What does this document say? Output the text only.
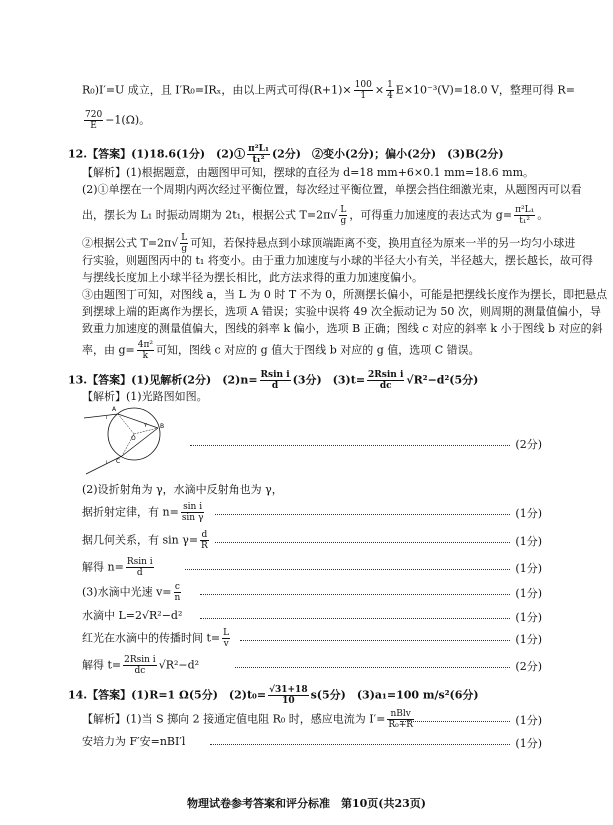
R₀)I′=U 成立，且 I′R₀=IRₓ，由以上两式可得$(R+1)\times \frac{100}{1} \times \frac{1}{4} E\times 10^{-3}(V)=18.0$ V，整理可得 R=
$\frac{720}{E} -1(\Omega)$。
12.【答案】(1)18.6(1分)　(2)① $\frac{\text{π²L₁}}{\text{t₁²}} (2$分)　②变小(2分)；偏小(2分)　(3)B(2分)
【解析】(1)根据题意，由题图甲可知，摆球的直径为 d=18 mm+6×0.1 mm=18.6 mm。
(2)①单摆在一个周期内两次经过平衡位置，每次经过平衡位置，单摆会挡住细激光束，从题图丙可以看
出，摆长为 L₁ 时振动周期为 2t₁，根据公式 $T=2\pi√ \frac{L}{g}$ ，可得重力加速度的表达式为 $g= \frac{\text{π²L₁}}{\text{t₁²}}$ 。
②根据公式 $T=2\pi√ \frac{L}{g}$ 可知，若保持悬点到小球顶端距离不变，换用直径为原来一半的另一均匀小球进
行实验，则题图丙中的 t₁ 将变小。由于重力加速度与小球的半径大小有关，半径越大，摆长越长，故可得
与摆线长度加上小球半径为摆长相比，此方法求得的重力加速度偏小。
③由题图丁可知，对图线 a，当 L 为 0 时 T 不为 0，所测摆长偏小，可能是把摆线长度作为摆长，即把悬点
到摆球上端的距离作为摆长，选项 A 错误；实验中误将 49 次全振动记为 50 次，则周期的测量值偏小，导
致重力加速度的测量值偏大，图线的斜率 k 偏小，选项 B 正确；图线 c 对应的斜率 k 小于图线 b 对应的斜
率，由 $g= \frac{\text{4π²}}{k}$ 可知，图线 c 对应的 g 值大于图线 b 对应的 g 值，选项 C 错误。
13.【答案】(1)见解析(2分)　$(2)n= \frac{\text{Rsin i}}{d} (3$分)　$(3)t= \frac{\text{2Rsin i}}{dc} √R^2-d^2(5$分)
【解析】(1)光路图如图。
A
B
C
O
i
i
γ
(2分)
(2)设折射角为 γ，水滴中反射角也为 γ，
据折射定律，有 $n= \frac{\text{sin i}}{\text{sin γ}}$	(1分)
据几何关系，有 $\sin \gamma= \frac{d}{R}$	(1分)
解得 $n= \frac{\text{Rsin i}}{d}$	(1分)
(3)水滴中光速 $v= \frac{c}{n}$	(1分)
水滴中 L=2√R²−d²	(1分)
红光在水滴中的传播时间 $t= \frac{L}{v}$	(1分)
解得 $t= \frac{\text{2Rsin i}}{dc} √R^2-d^2$	(2分)
14.【答案】(1)R=1 Ω(5分)　$(2)t_0= \frac{√31+18}{10} s(5$分)　(3)a₁=100 m/s²(6分)
【解析】(1)当 S 掷向 2 接通定值电阻 R₀ 时，感应电流为 $I'= \frac{\text{nBlv}}{\text{R₀+R}}$	(1分)
安培力为 F′安=nBI′l	(1分)
物理试卷参考答案和评分标准　第10页(共23页)
